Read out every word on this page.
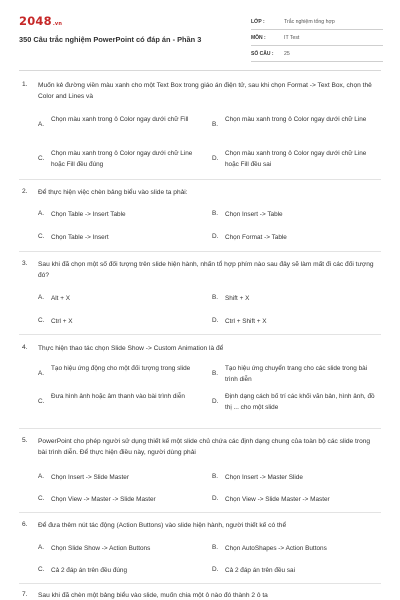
2048.vn
350 Câu trắc nghiệm PowerPoint có đáp án - Phần 3
LỚP :	Trắc nghiệm tổng hợp
MÔN :	IT Test
SỐ CÂU :	25
1. Muốn kẻ đường viền màu xanh cho một Text Box trong giáo án điện tử, sau khi chọn Format -> Text Box, chọn thẻ Color and Lines và
A.
Chọn màu xanh trong ô Color ngay dưới chữ Fill
B.
Chọn màu xanh trong ô Color ngay dưới chữ Line
C.
Chọn màu xanh trong ô Color ngay dưới chữ Line hoặc Fill đều đúng
D.
Chọn màu xanh trong ô Color ngay dưới chữ Line hoặc Fill đều sai
2. Để thực hiện việc chèn bảng biểu vào slide ta phải:
A. Chọn Table -> Insert Table	B. Chọn Insert -> Table
C. Chọn Table -> Insert	D. Chọn Format -> Table
3. Sau khi đã chọn một số đối tượng trên slide hiện hành, nhấn tổ hợp phím nào sau đây sẽ làm mất đi các đối tượng đó?
A. Alt + X	B. Shift + X
C. Ctrl + X	D. Ctrl + Shift + X
4. Thực hiện thao tác chọn Slide Show -> Custom Animation là để
A.
Tạo hiệu ứng động cho một đối tượng trong slide
B.
Tạo hiệu ứng chuyển trang cho các slide trong bài trình diễn
C.
Đưa hình ảnh hoặc âm thanh vào bài trình diễn
D.
Định dạng cách bố trí các khối văn bản, hình ảnh, đồ thị ... cho một slide
5. PowerPoint cho phép người sử dụng thiết kế một slide chủ chứa các định dạng chung của toàn bộ các slide trong bài trình diễn. Để thực hiện điều này, người dùng phải
A. Chọn Insert -> Slide Master	B. Chọn Insert -> Master Slide
C. Chọn View -> Master -> Slide Master	D. Chọn View -> Slide Master -> Master
6. Để đưa thêm nút tác động (Action Buttons) vào slide hiện hành, người thiết kế có thể
A. Chọn Slide Show -> Action Buttons	B. Chọn AutoShapes -> Action Buttons
C. Cả 2 đáp án trên đều đúng	D. Cả 2 đáp án trên đều sai
7. Sau khi đã chèn một bảng biểu vào slide, muốn chia một ô nào đó thành 2 ô ta
